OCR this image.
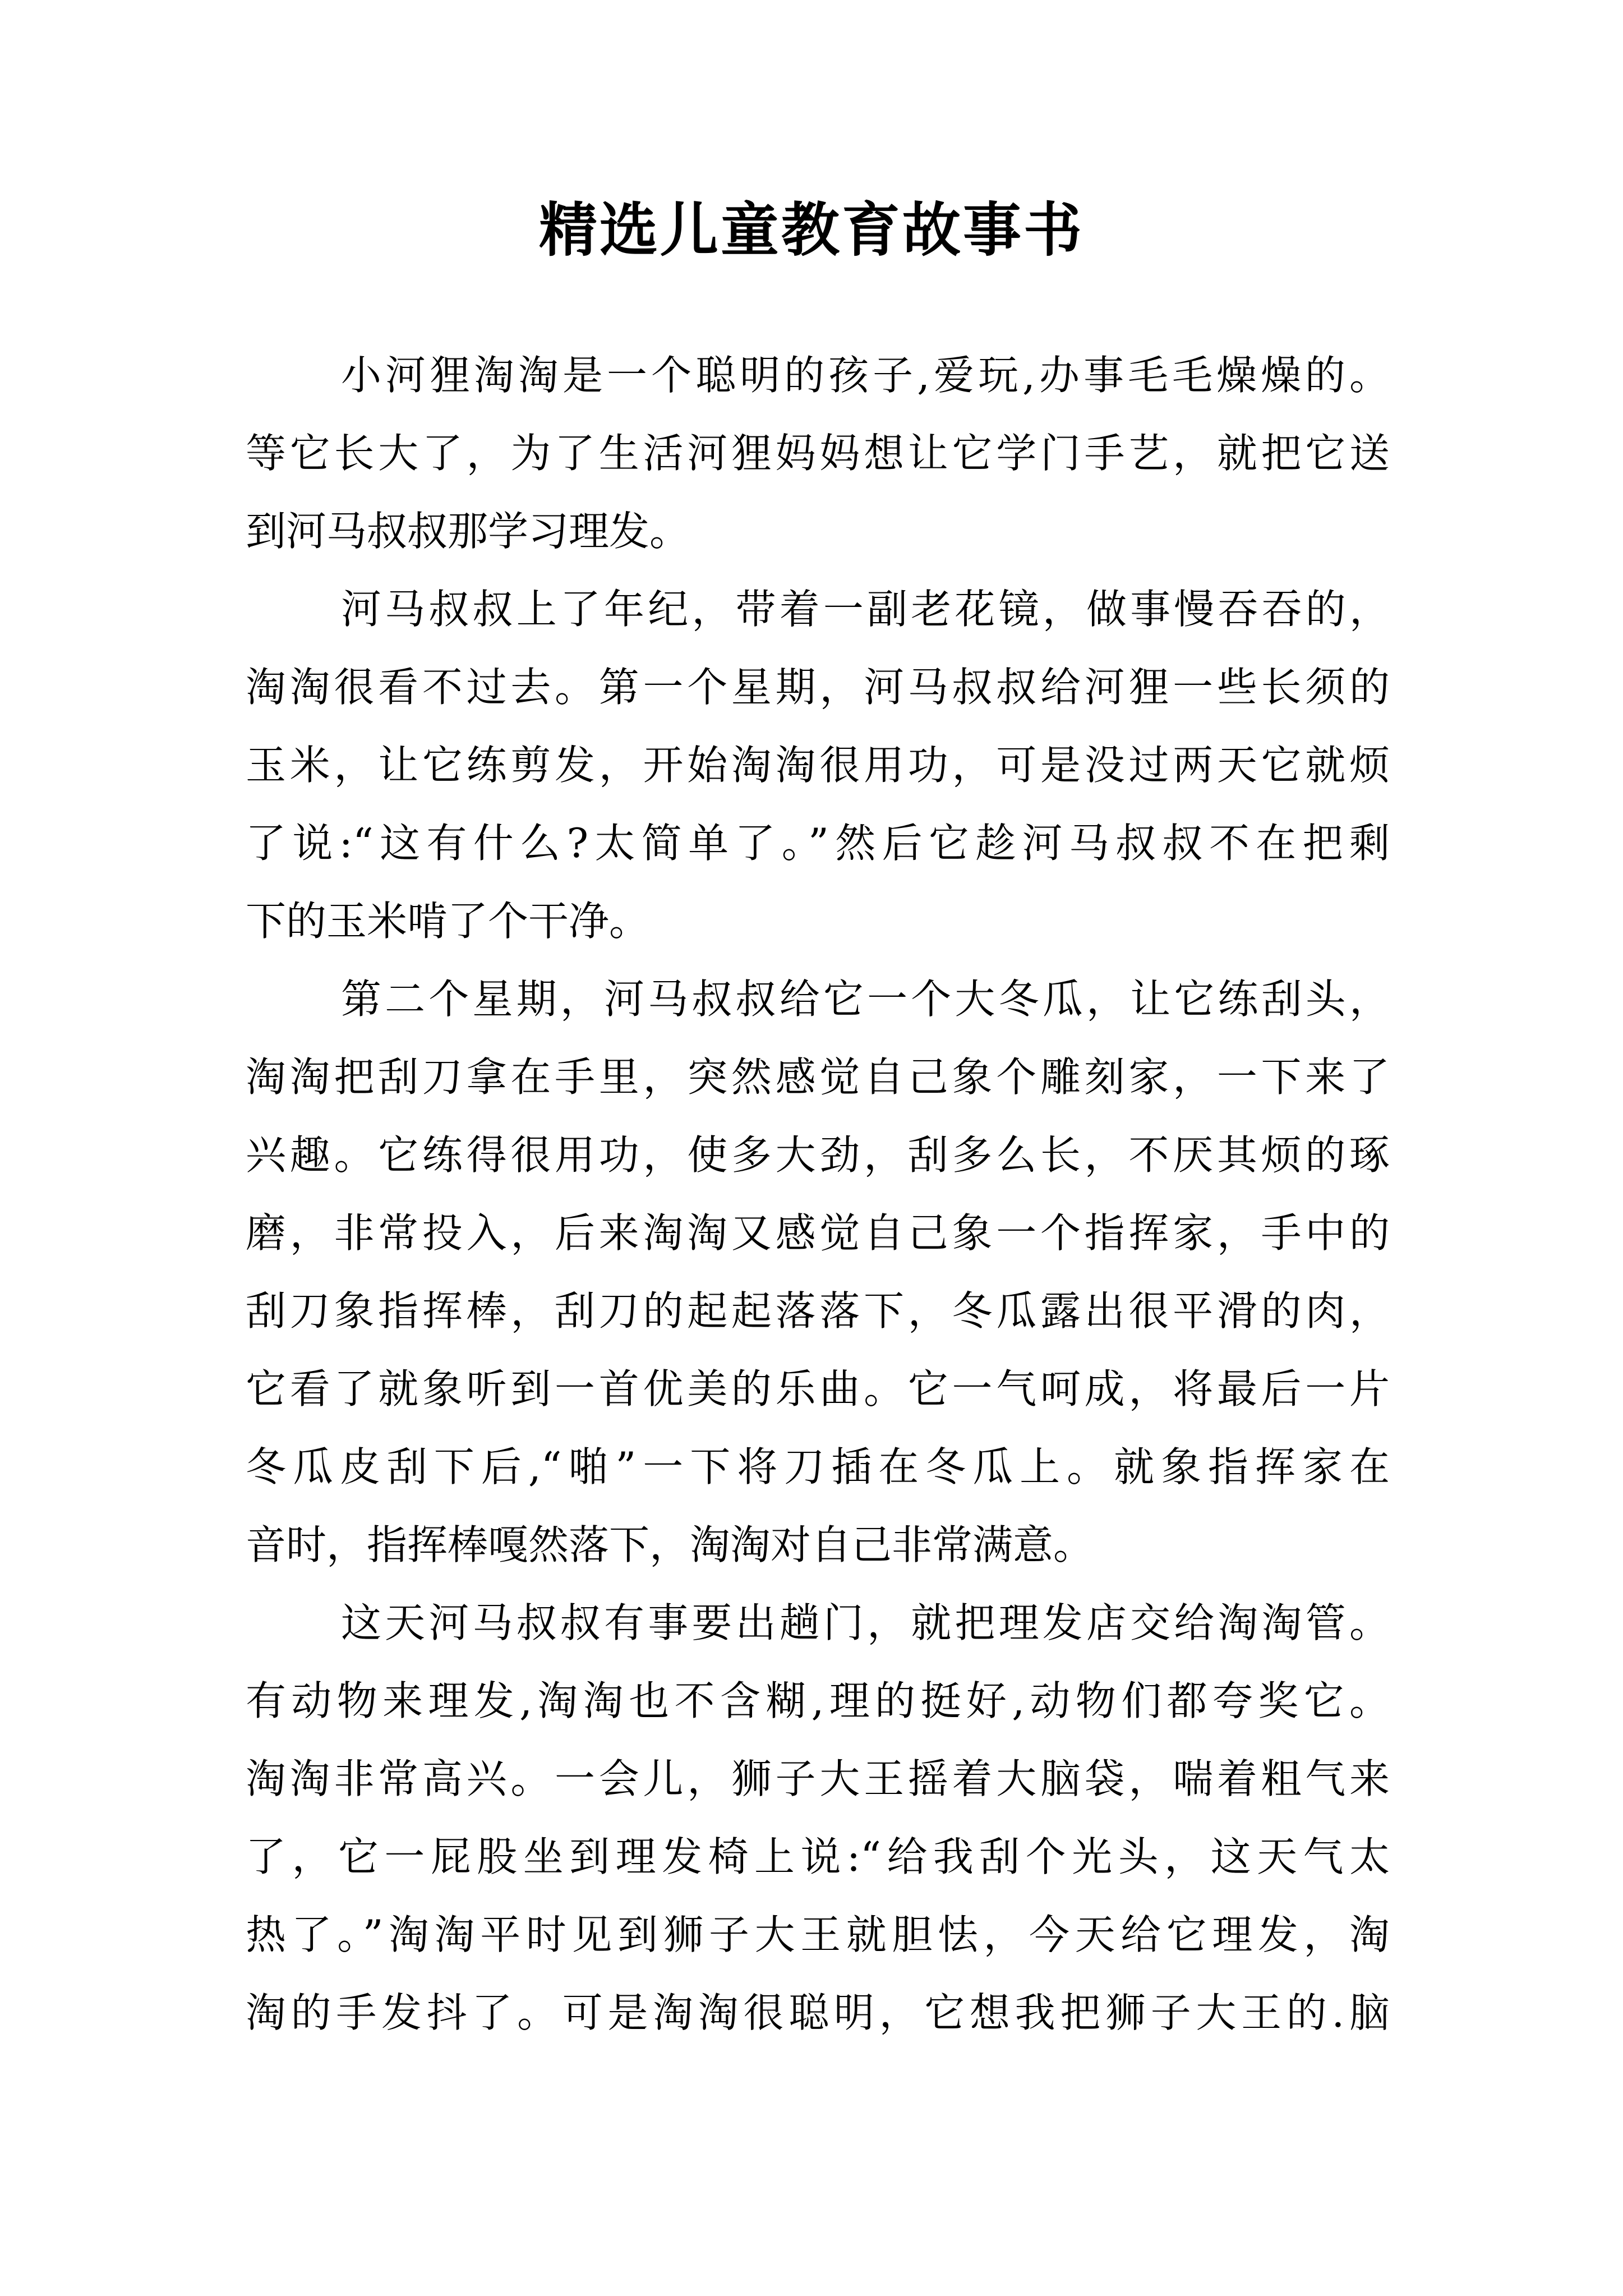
精选儿童教育故事书

小河狸淘淘是一个聪明的孩子,爱玩,办事毛毛燥燥的。
等它长大了，为了生活河狸妈妈想让它学门手艺，就把它送
到河马叔叔那学习理发。

河马叔叔上了年纪，带着一副老花镜，做事慢吞吞的，
淘淘很看不过去。第一个星期，河马叔叔给河狸一些长须的
玉米，让它练剪发，开始淘淘很用功，可是没过两天它就烦
了说:“这有什么?太简单了。”然后它趁河马叔叔不在把剩
下的玉米啃了个干净。

第二个星期，河马叔叔给它一个大冬瓜，让它练刮头，
淘淘把刮刀拿在手里，突然感觉自己象个雕刻家，一下来了
兴趣。它练得很用功，使多大劲，刮多么长，不厌其烦的琢
磨，非常投入，后来淘淘又感觉自己象一个指挥家，手中的
刮刀象指挥棒，刮刀的起起落落下，冬瓜露出很平滑的肉，
它看了就象听到一首优美的乐曲。它一气呵成，将最后一片
冬瓜皮刮下后,“啪”一下将刀插在冬瓜上。就象指挥家在
音时，指挥棒嘎然落下，淘淘对自己非常满意。

这天河马叔叔有事要出趟门，就把理发店交给淘淘管。
有动物来理发,淘淘也不含糊,理的挺好,动物们都夸奖它。
淘淘非常高兴。一会儿，狮子大王摇着大脑袋，喘着粗气来
了，它一屁股坐到理发椅上说:“给我刮个光头，这天气太
热了。”淘淘平时见到狮子大王就胆怯，今天给它理发，淘
淘的手发抖了。可是淘淘很聪明，它想我把狮子大王的.脑
